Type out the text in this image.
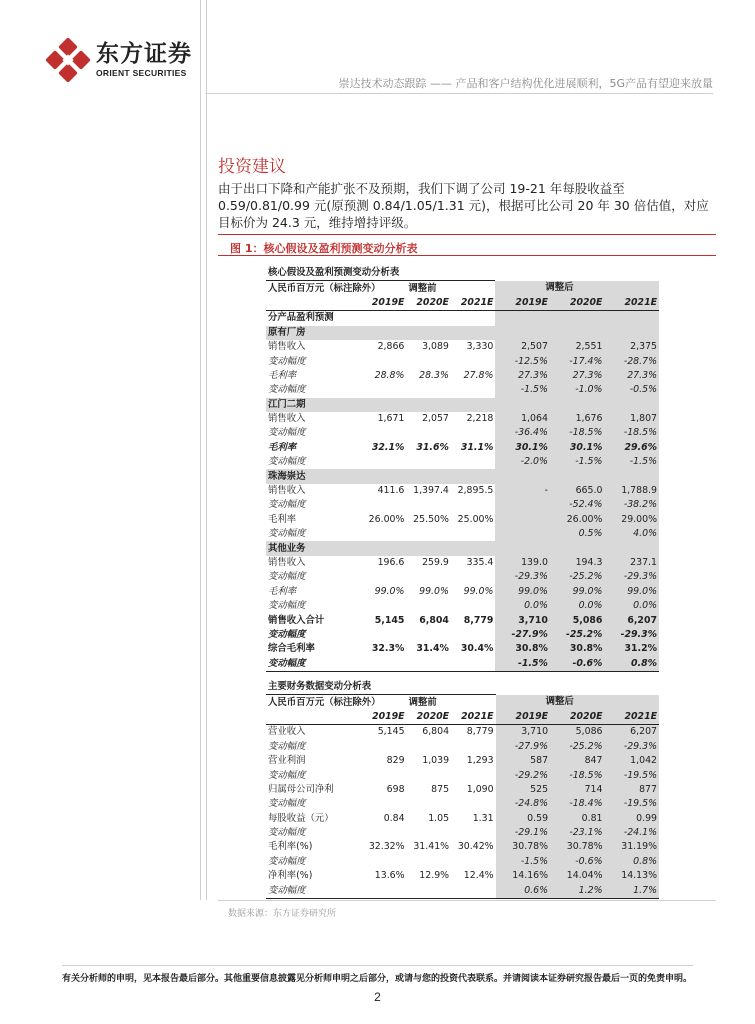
东方证券
ORIENT SECURITIES
崇达技术动态跟踪 —— 产品和客户结构优化进展顺利，5G产品有望迎来放量
投资建议
由于出口下降和产能扩张不及预期，我们下调了公司 19-21 年每股收益至 0.59/0.81/0.99 元(原预测 0.84/1.05/1.31 元)，根据可比公司 20 年 30 倍估值，对应目标价为 24.3 元，维持增持评级。
图 1：核心假设及盈利预测变动分析表
核心假设及盈利预测变动分析表						
人民币百万元（标注除外）		调整前		调整后		
	2019E	2020E	2021E	2019E	2020E	2021E
分产品盈利预测						
原有厂房						
销售收入	2,866	3,089	3,330	2,507	2,551	2,375
变动幅度				-12.5%	-17.4%	-28.7%
毛利率	28.8%	28.3%	27.8%	27.3%	27.3%	27.3%
变动幅度				-1.5%	-1.0%	-0.5%
江门二期						
销售收入	1,671	2,057	2,218	1,064	1,676	1,807
变动幅度				-36.4%	-18.5%	-18.5%
毛利率	32.1%	31.6%	31.1%	30.1%	30.1%	29.6%
变动幅度				-2.0%	-1.5%	-1.5%
珠海崇达						
销售收入	411.6	1,397.4	2,895.5	-	665.0	1,788.9
变动幅度					-52.4%	-38.2%
毛利率	26.00%	25.50%	25.00%		26.00%	29.00%
变动幅度					0.5%	4.0%
其他业务						
销售收入	196.6	259.9	335.4	139.0	194.3	237.1
变动幅度				-29.3%	-25.2%	-29.3%
毛利率	99.0%	99.0%	99.0%	99.0%	99.0%	99.0%
变动幅度				0.0%	0.0%	0.0%
销售收入合计	5,145	6,804	8,779	3,710	5,086	6,207
变动幅度				-27.9%	-25.2%	-29.3%
综合毛利率	32.3%	31.4%	30.4%	30.8%	30.8%	31.2%
变动幅度				-1.5%	-0.6%	0.8%
主要财务数据变动分析表						
人民币百万元（标注除外）		调整前		调整后		
	2019E	2020E	2021E	2019E	2020E	2021E
营业收入	5,145	6,804	8,779	3,710	5,086	6,207
变动幅度				-27.9%	-25.2%	-29.3%
营业利润	829	1,039	1,293	587	847	1,042
变动幅度				-29.2%	-18.5%	-19.5%
归属母公司净利	698	875	1,090	525	714	877
变动幅度				-24.8%	-18.4%	-19.5%
每股收益（元）	0.84	1.05	1.31	0.59	0.81	0.99
变动幅度				-29.1%	-23.1%	-24.1%
毛利率(%)	32.32%	31.41%	30.42%	30.78%	30.78%	31.19%
变动幅度				-1.5%	-0.6%	0.8%
净利率(%)	13.6%	12.9%	12.4%	14.16%	14.04%	14.13%
变动幅度				0.6%	1.2%	1.7%
数据来源：东方证券研究所
有关分析师的申明，见本报告最后部分。其他重要信息披露见分析师申明之后部分，或请与您的投资代表联系。并请阅读本证券研究报告最后一页的免责申明。
2
